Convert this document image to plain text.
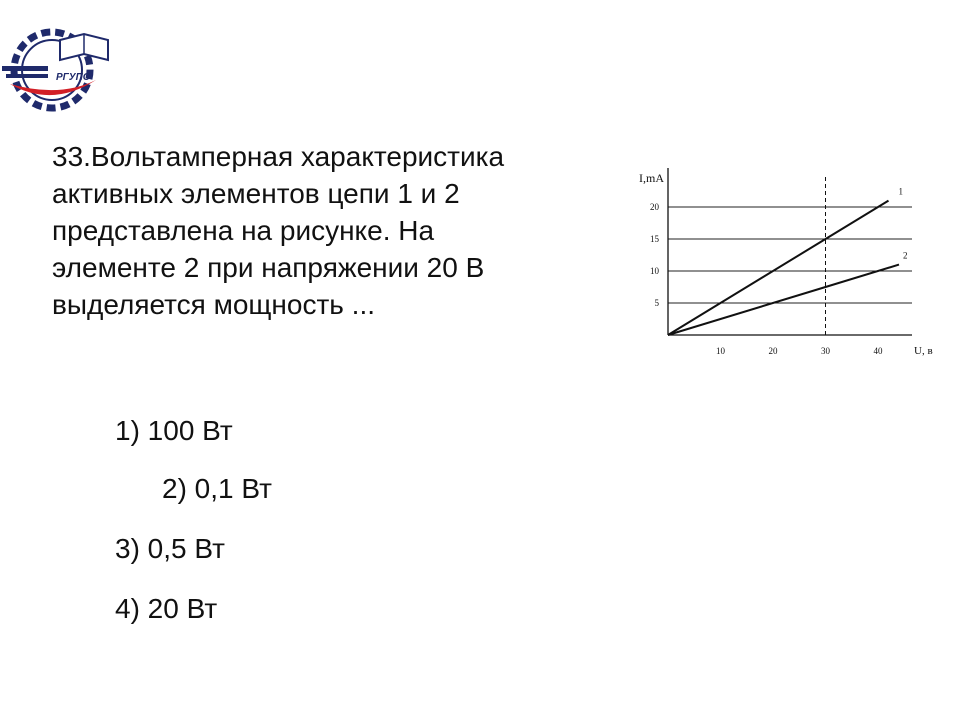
РГУПС
33.Вольтамперная характеристика
активных элементов цепи 1 и 2
представлена на рисунке. На
элементе 2 при напряжении 20 В
выделяется мощность ...

1) 100 Вт

2) 0,1 Вт

3) 0,5 Вт

4) 20 Вт

5
10
15
20
I,mA
U, в
10	20	30	40
1
2
